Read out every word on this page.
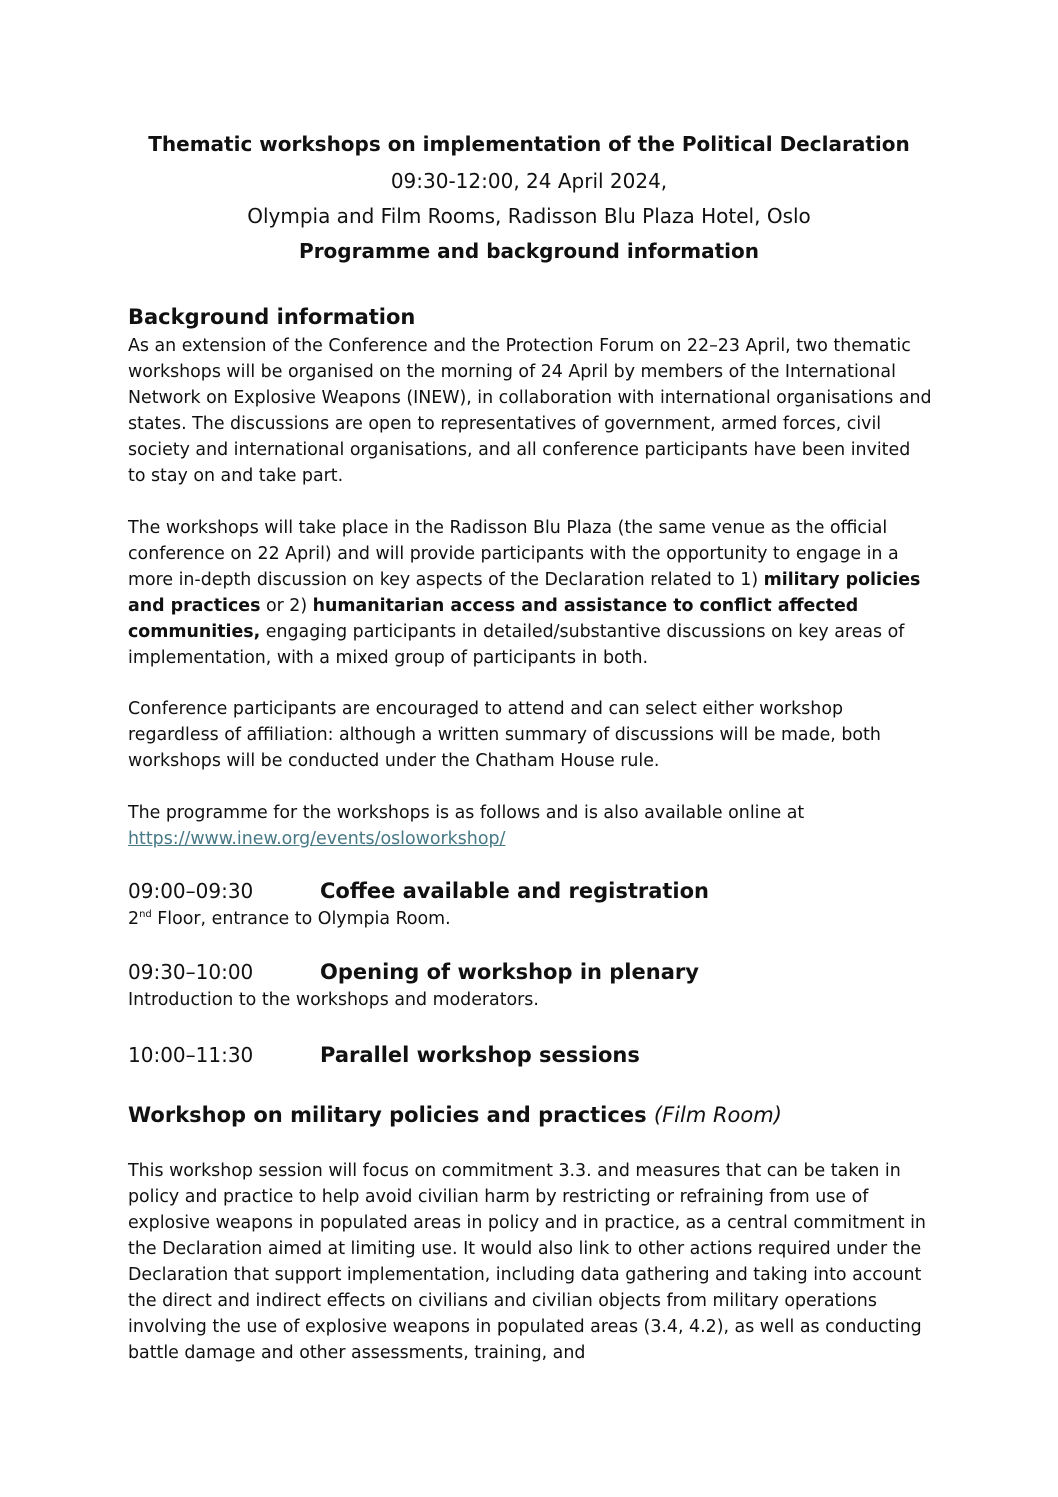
Thematic workshops on implementation of the Political Declaration
09:30-12:00, 24 April 2024,
Olympia and Film Rooms, Radisson Blu Plaza Hotel, Oslo
Programme and background information
Background information

As an extension of the Conference and the Protection Forum on 22–23 April, two thematic workshops will be organised on the morning of 24 April by members of the International Network on Explosive Weapons (INEW), in collaboration with international organisations and states. The discussions are open to representatives of government, armed forces, civil society and international organisations, and all conference participants have been invited to stay on and take part.

The workshops will take place in the Radisson Blu Plaza (the same venue as the official conference on 22 April) and will provide participants with the opportunity to engage in a more in-depth discussion on key aspects of the Declaration related to 1) military policies and practices or 2) humanitarian access and assistance to conflict affected communities, engaging participants in detailed/substantive discussions on key areas of implementation, with a mixed group of participants in both.

Conference participants are encouraged to attend and can select either workshop regardless of affiliation: although a written summary of discussions will be made, both workshops will be conducted under the Chatham House rule.

The programme for the workshops is as follows and is also available online at
https://www.inew.org/events/osloworkshop/

09:00–09:30	Coffee available and registration
2nd Floor, entrance to Olympia Room.
09:30–10:00	Opening of workshop in plenary
Introduction to the workshops and moderators.
10:00–11:30	Parallel workshop sessions
Workshop on military policies and practices (Film Room)

This workshop session will focus on commitment 3.3. and measures that can be taken in policy and practice to help avoid civilian harm by restricting or refraining from use of explosive weapons in populated areas in policy and in practice, as a central commitment in the Declaration aimed at limiting use. It would also link to other actions required under the Declaration that support implementation, including data gathering and taking into account the direct and indirect effects on civilians and civilian objects from military operations involving the use of explosive weapons in populated areas (3.4, 4.2), as well as conducting battle damage and other assessments, training, and
